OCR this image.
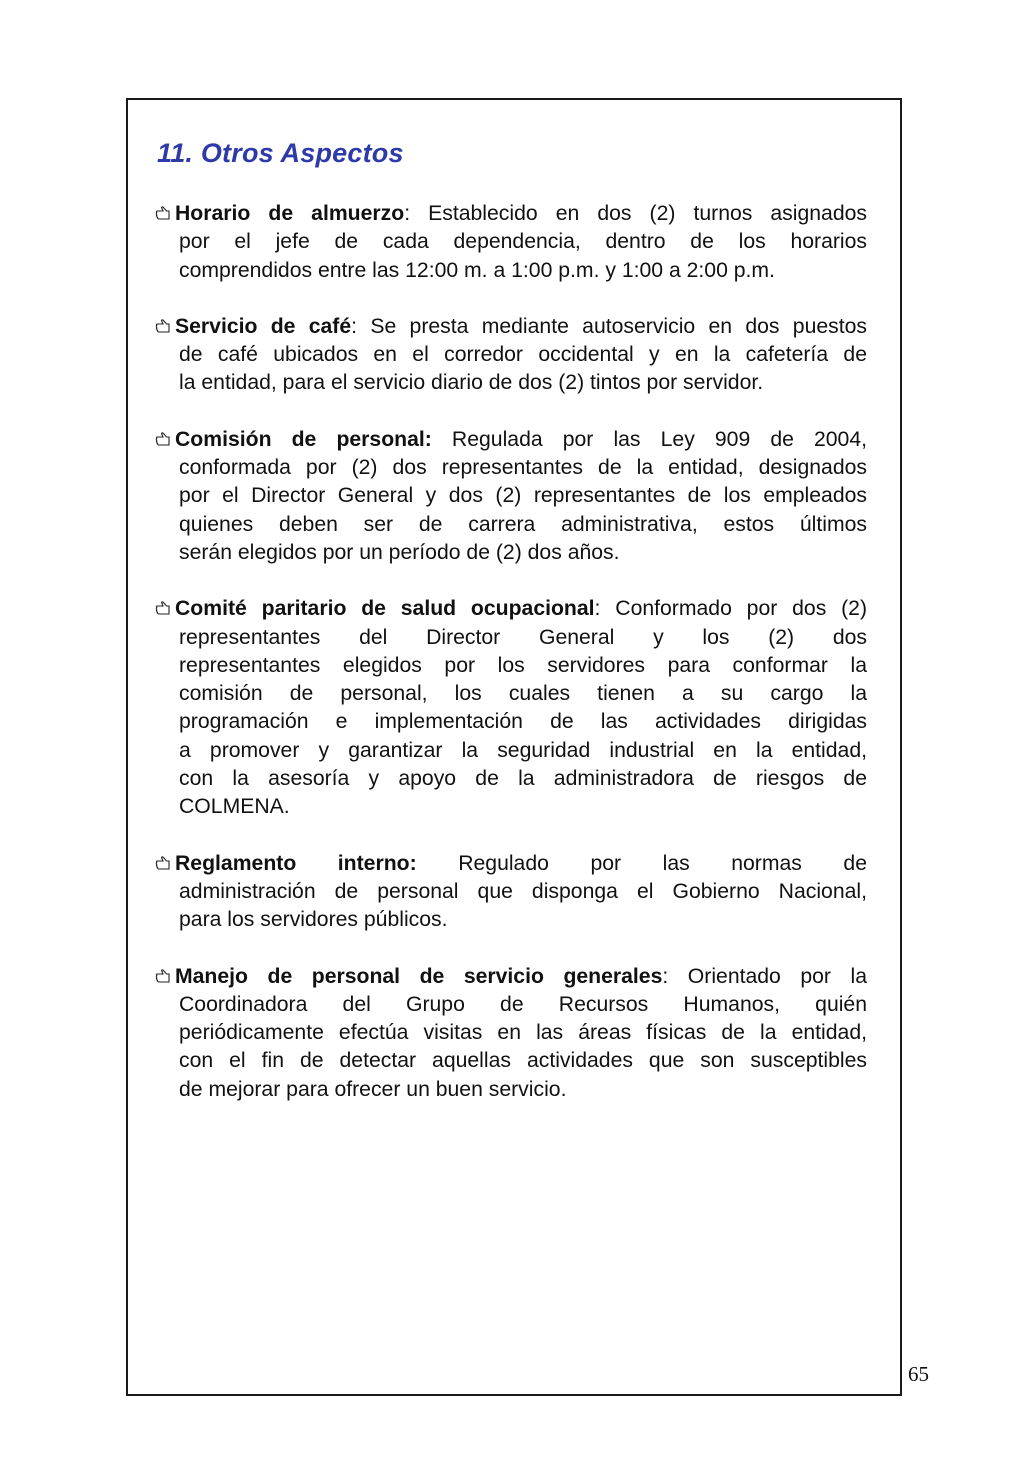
11. Otros Aspectos
Horario de almuerzo: Establecido en dos (2) turnos asignados
por el jefe de cada dependencia, dentro de los horarios
comprendidos entre las 12:00 m. a 1:00 p.m. y 1:00 a 2:00 p.m.
Servicio de café: Se presta mediante autoservicio en dos puestos
de café ubicados en el corredor occidental y en la cafetería de
la entidad, para el servicio diario de dos (2) tintos por servidor.
Comisión de personal: Regulada por las Ley 909 de 2004,
conformada por (2) dos representantes de la entidad, designados
por el Director General y dos (2) representantes de los empleados
quienes deben ser de carrera administrativa, estos últimos
serán elegidos por un período de (2) dos años.
Comité paritario de salud ocupacional: Conformado por dos (2)
representantes del Director General y los (2) dos
representantes elegidos por los servidores para conformar la
comisión de personal, los cuales tienen a su cargo la
programación e implementación de las actividades dirigidas
a promover y garantizar la seguridad industrial en la entidad,
con la asesoría y apoyo de la administradora de riesgos de
COLMENA.
Reglamento interno: Regulado por las normas de
administración de personal que disponga el Gobierno Nacional,
para los servidores públicos.
Manejo de personal de servicio generales: Orientado por la
Coordinadora del Grupo de Recursos Humanos, quién
periódicamente efectúa visitas en las áreas físicas de la entidad,
con el fin de detectar aquellas actividades que son susceptibles
de mejorar para ofrecer un buen servicio.
65
